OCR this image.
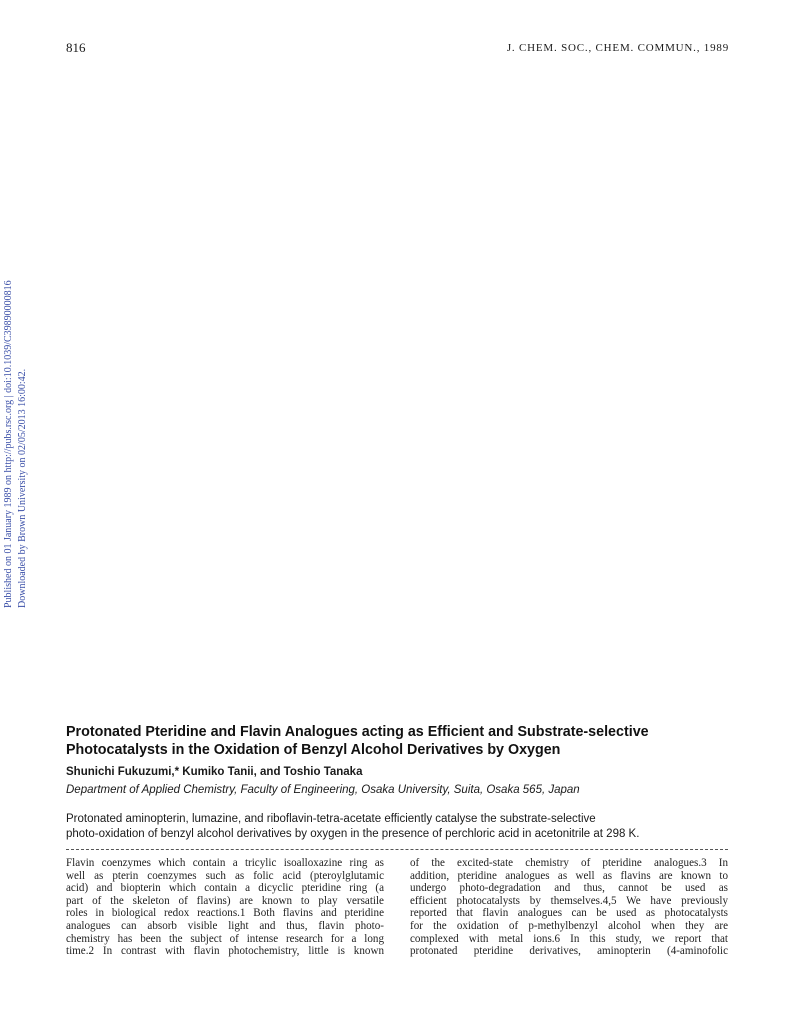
816	J. CHEM. SOC., CHEM. COMMUN., 1989
Published on 01 January 1989 on http://pubs.rsc.org | doi:10.1039/C39890000816 Downloaded by Brown University on 02/05/2013 16:00:42.
Protonated Pteridine and Flavin Analogues acting as Efficient and Substrate-selective
Photocatalysts in the Oxidation of Benzyl Alcohol Derivatives by Oxygen
Shunichi Fukuzumi,* Kumiko Tanii, and Toshio Tanaka
Department of Applied Chemistry, Faculty of Engineering, Osaka University, Suita, Osaka 565, Japan

Protonated aminopterin, lumazine, and riboflavin-tetra-acetate efficiently catalyse the substrate-selective
photo-oxidation of benzyl alcohol derivatives by oxygen in the presence of perchloric acid in acetonitrile at 298 K.

Flavin coenzymes which contain a tricylic isoalloxazine ring as
well as pterin coenzymes such as folic acid (pteroylglutamic
acid) and biopterin which contain a dicyclic pteridine ring (a
part of the skeleton of flavins) are known to play versatile
roles in biological redox reactions.1 Both flavins and pteridine
analogues can absorb visible light and thus, flavin photo-
chemistry has been the subject of intense research for a long
time.2 In contrast with flavin photochemistry, little is known

of the excited-state chemistry of pteridine analogues.3 In
addition, pteridine analogues as well as flavins are known to
undergo photo-degradation and thus, cannot be used as
efficient photocatalysts by themselves.4,5 We have previously
reported that flavin analogues can be used as photocatalysts
for the oxidation of p-methylbenzyl alcohol when they are
complexed with metal ions.6 In this study, we report that
protonated pteridine derivatives, aminopterin (4-aminofolic
